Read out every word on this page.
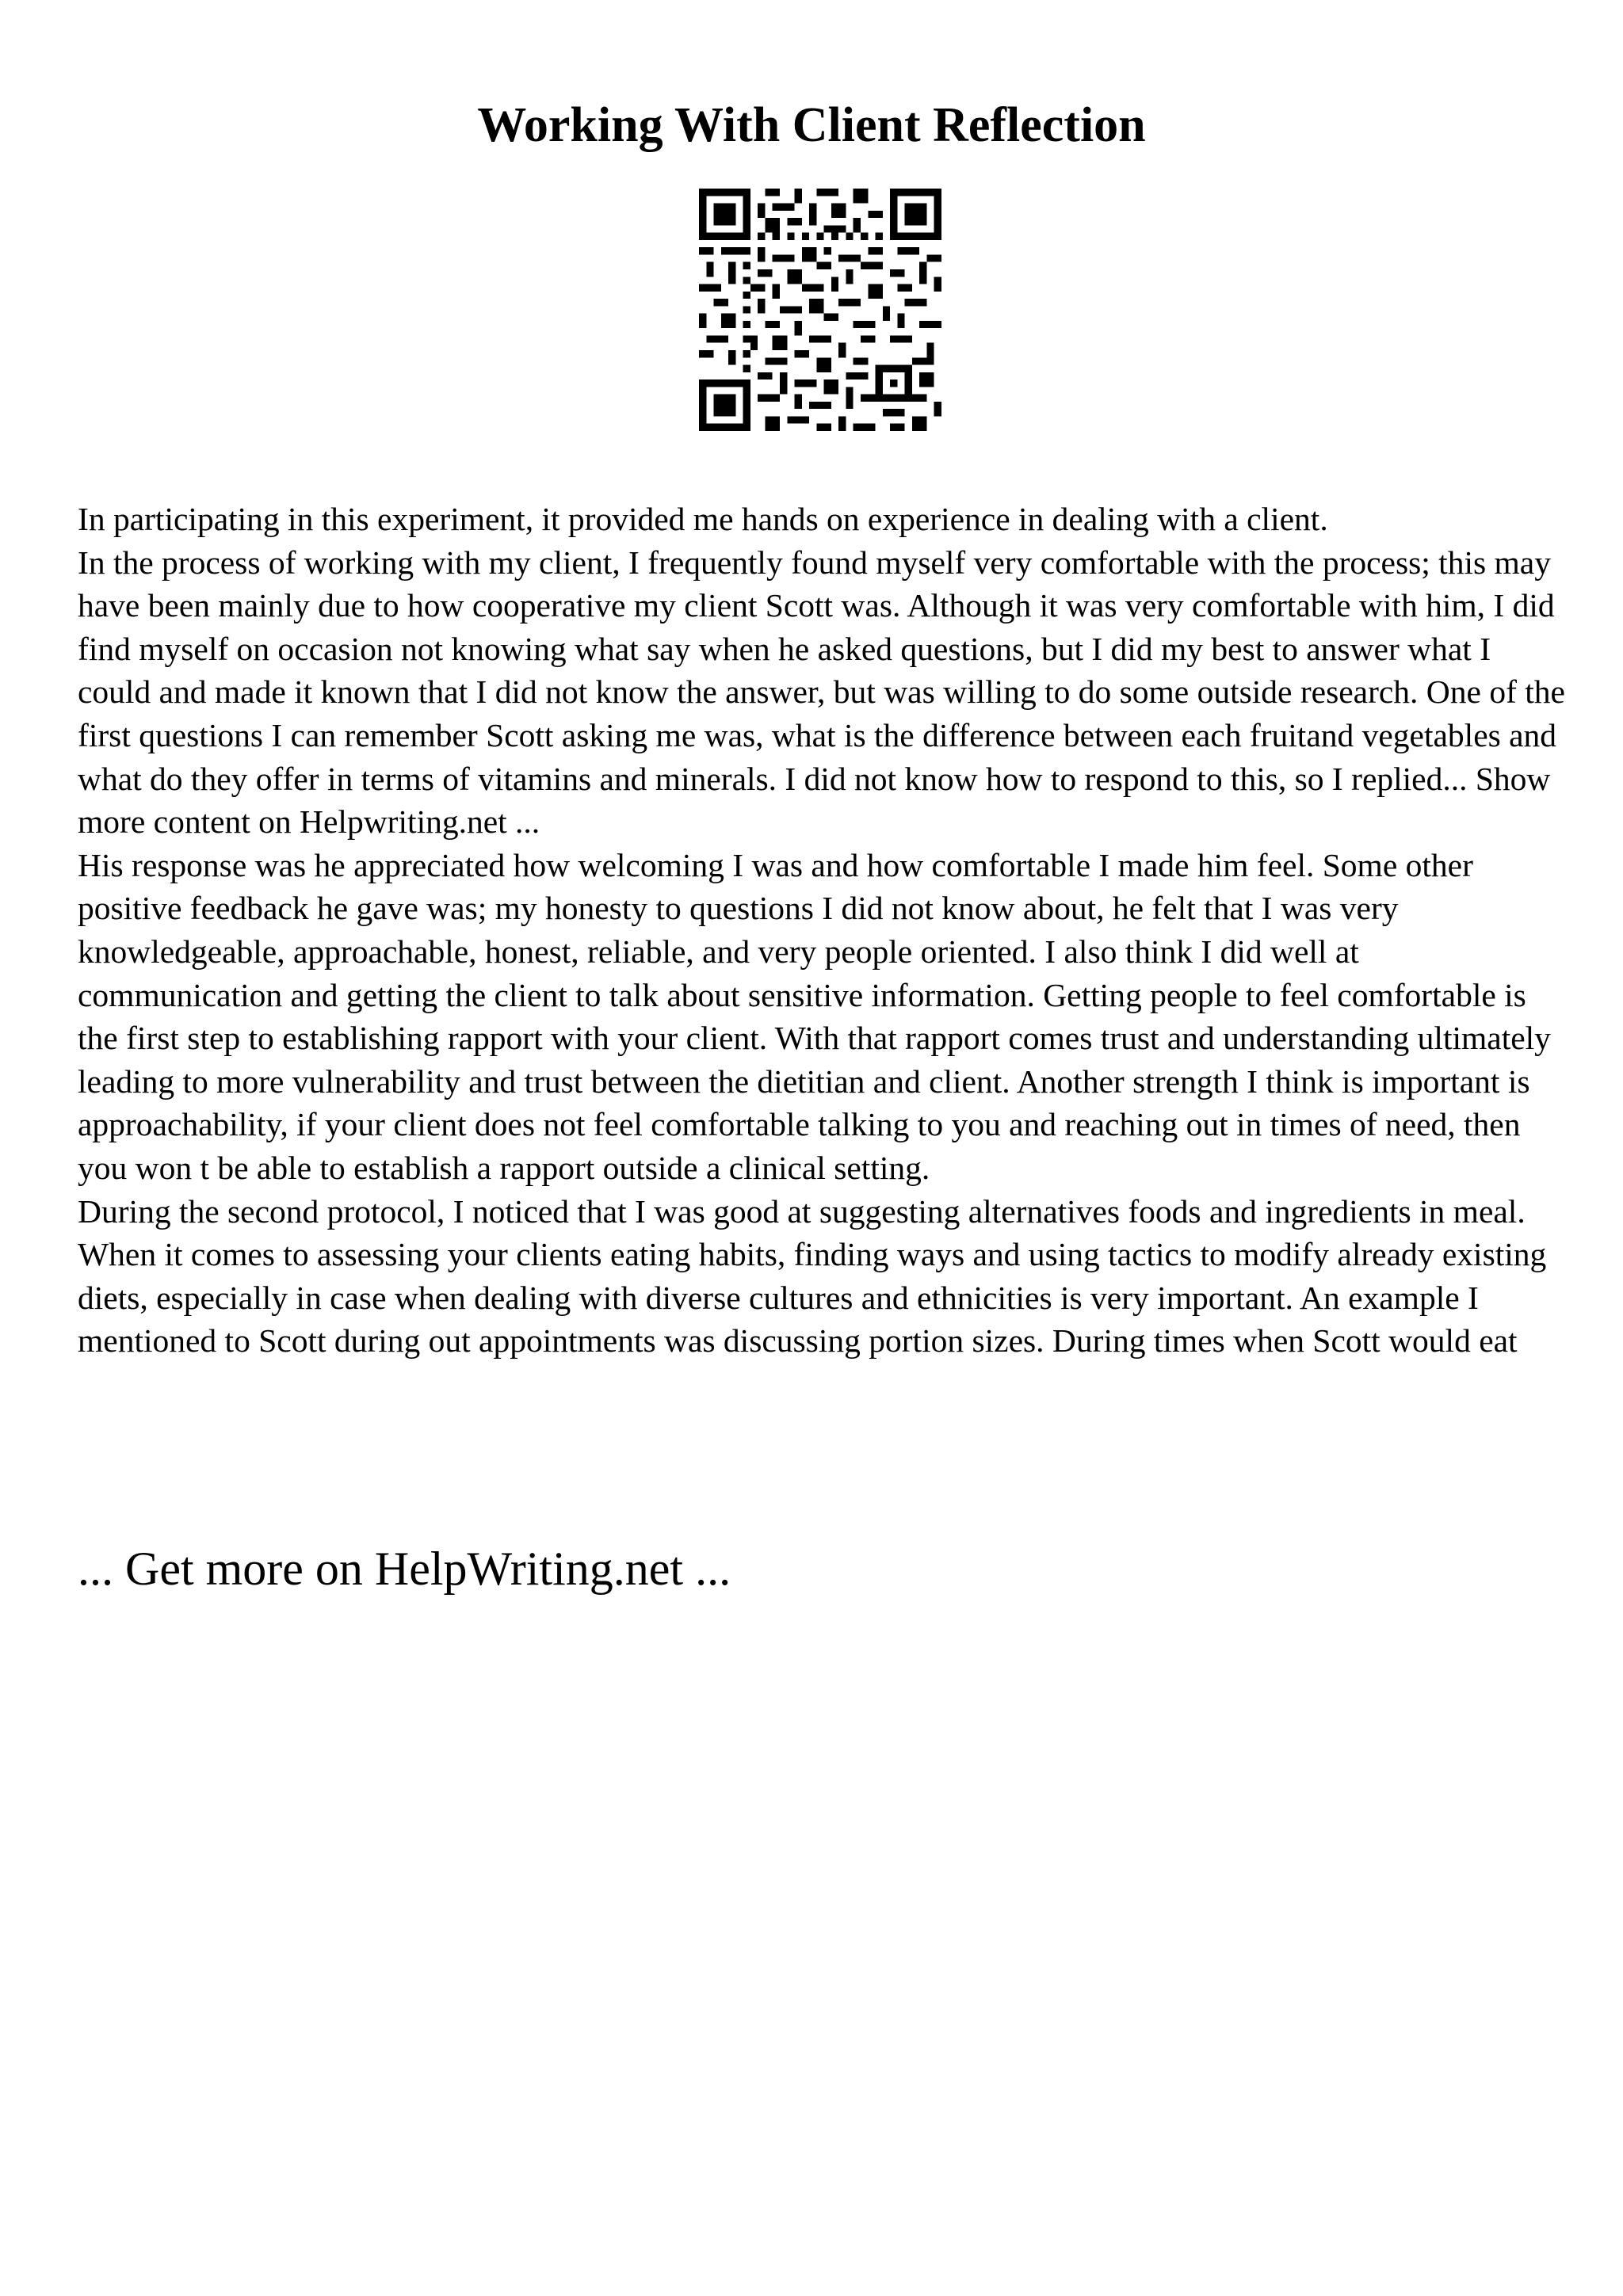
Working With Client Reflection

In participating in this experiment, it provided me hands on experience in dealing with a client.

In the process of working with my client, I frequently found myself very comfortable with the process; this may have been mainly due to how cooperative my client Scott was. Although it was very comfortable with him, I did find myself on occasion not knowing what say when he asked questions, but I did my best to answer what I could and made it known that I did not know the answer, but was willing to do some outside research. One of the first questions I can remember Scott asking me was, what is the difference between each fruitand vegetables and what do they offer in terms of vitamins and minerals. I did not know how to respond to this, so I replied... Show more content on Helpwriting.net ...

His response was he appreciated how welcoming I was and how comfortable I made him feel. Some other positive feedback he gave was; my honesty to questions I did not know about, he felt that I was very knowledgeable, approachable, honest, reliable, and very people oriented. I also think I did well at communication and getting the client to talk about sensitive information. Getting people to feel comfortable is the first step to establishing rapport with your client. With that rapport comes trust and understanding ultimately leading to more vulnerability and trust between the dietitian and client. Another strength I think is important is approachability, if your client does not feel comfortable talking to you and reaching out in times of need, then you won t be able to establish a rapport outside a clinical setting.

During the second protocol, I noticed that I was good at suggesting alternatives foods and ingredients in meal. When it comes to assessing your clients eating habits, finding ways and using tactics to modify already existing diets, especially in case when dealing with diverse cultures and ethnicities is very important. An example I mentioned to Scott during out appointments was discussing portion sizes. During times when Scott would eat

... Get more on HelpWriting.net ...
